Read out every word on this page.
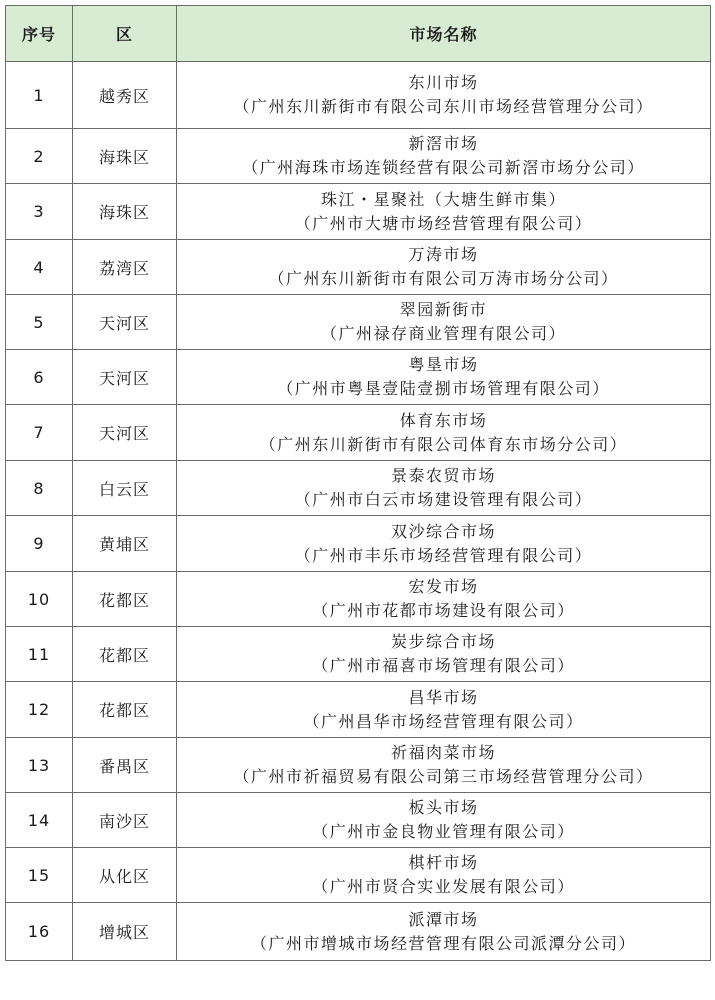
序号	区	市场名称
1	越秀区	东川市场
（广州东川新街市有限公司东川市场经营管理分公司）

2	海珠区	新滘市场
（广州海珠市场连锁经营有限公司新滘市场分公司）

3	海珠区	珠江・星聚社（大塘生鲜市集）
（广州市大塘市场经营管理有限公司）

4	荔湾区	万涛市场
（广州东川新街市有限公司万涛市场分公司）

5	天河区	翠园新街市
（广州禄存商业管理有限公司）

6	天河区	粤垦市场
（广州市粤垦壹陆壹捌市场管理有限公司）

7	天河区	体育东市场
（广州东川新街市有限公司体育东市场分公司）

8	白云区	景泰农贸市场
（广州市白云市场建设管理有限公司）

9	黄埔区	双沙综合市场
（广州市丰乐市场经营管理有限公司）

10	花都区	宏发市场
（广州市花都市场建设有限公司）

11	花都区	炭步综合市场
（广州市福喜市场管理有限公司）

12	花都区	昌华市场
（广州昌华市场经营管理有限公司）

13	番禺区	祈福肉菜市场
（广州市祈福贸易有限公司第三市场经营管理分公司）

14	南沙区	板头市场
（广州市金良物业管理有限公司）

15	从化区	棋杆市场
（广州市贤合实业发展有限公司）

16	增城区	派潭市场
（广州市增城市场经营管理有限公司派潭分公司）
